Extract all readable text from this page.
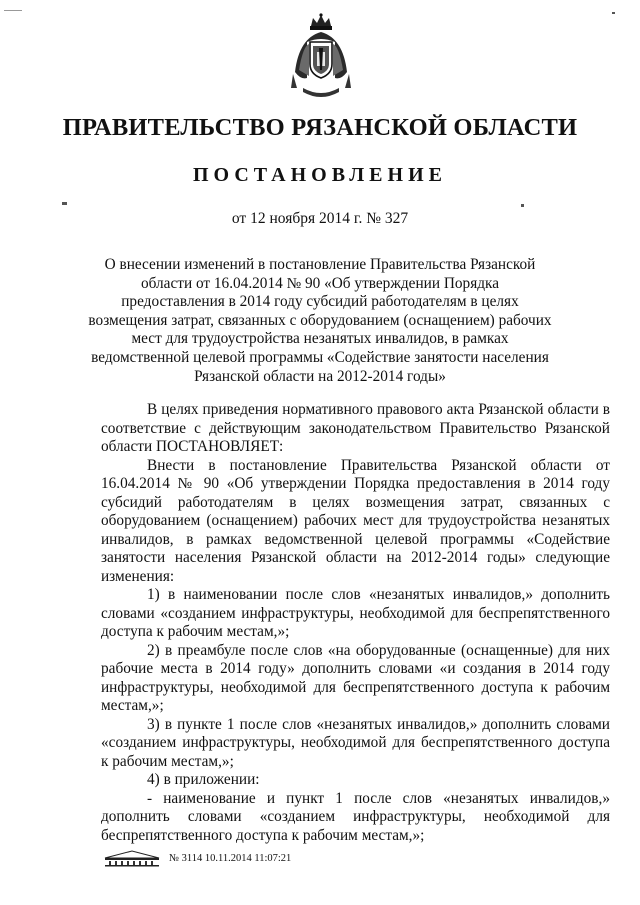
ПРАВИТЕЛЬСТВО РЯЗАНСКОЙ ОБЛАСТИ
ПОСТАНОВЛЕНИЕ
от 12 ноября 2014 г. № 327
О внесении изменений в постановление Правительства Рязанской области от 16.04.2014 № 90 «Об утверждении Порядка предоставления в 2014 году субсидий работодателям в целях возмещения затрат, связанных с оборудованием (оснащением) рабочих мест для трудоустройства незанятых инвалидов, в рамках ведомственной целевой программы «Содействие занятости населения Рязанской области на 2012-2014 годы»

В целях приведения нормативного правового акта Рязанской области в соответствие с действующим законодательством Правительство Рязанской области ПОСТАНОВЛЯЕТ:

Внести в постановление Правительства Рязанской области от 16.04.2014 № 90 «Об утверждении Порядка предоставления в 2014 году субсидий работодателям в целях возмещения затрат, связанных с оборудованием (оснащением) рабочих мест для трудоустройства незанятых инвалидов, в рамках ведомственной целевой программы «Содействие занятости населения Рязанской области на 2012-2014 годы» следующие изменения:

1) в наименовании после слов «незанятых инвалидов,» дополнить словами «созданием инфраструктуры, необходимой для беспрепятственного доступа к рабочим местам,»;

2) в преамбуле после слов «на оборудованные (оснащенные) для них рабочие места в 2014 году» дополнить словами «и создания в 2014 году инфраструктуры, необходимой для беспрепятственного доступа к рабочим местам,»;

3) в пункте 1 после слов «незанятых инвалидов,» дополнить словами «созданием инфраструктуры, необходимой для беспрепятственного доступа к рабочим местам,»;

4) в приложении:

- наименование и пункт 1 после слов «незанятых инвалидов,» дополнить словами «созданием инфраструктуры, необходимой для беспрепятственного доступа к рабочим местам,»;

№ 3114 10.11.2014 11:07:21
